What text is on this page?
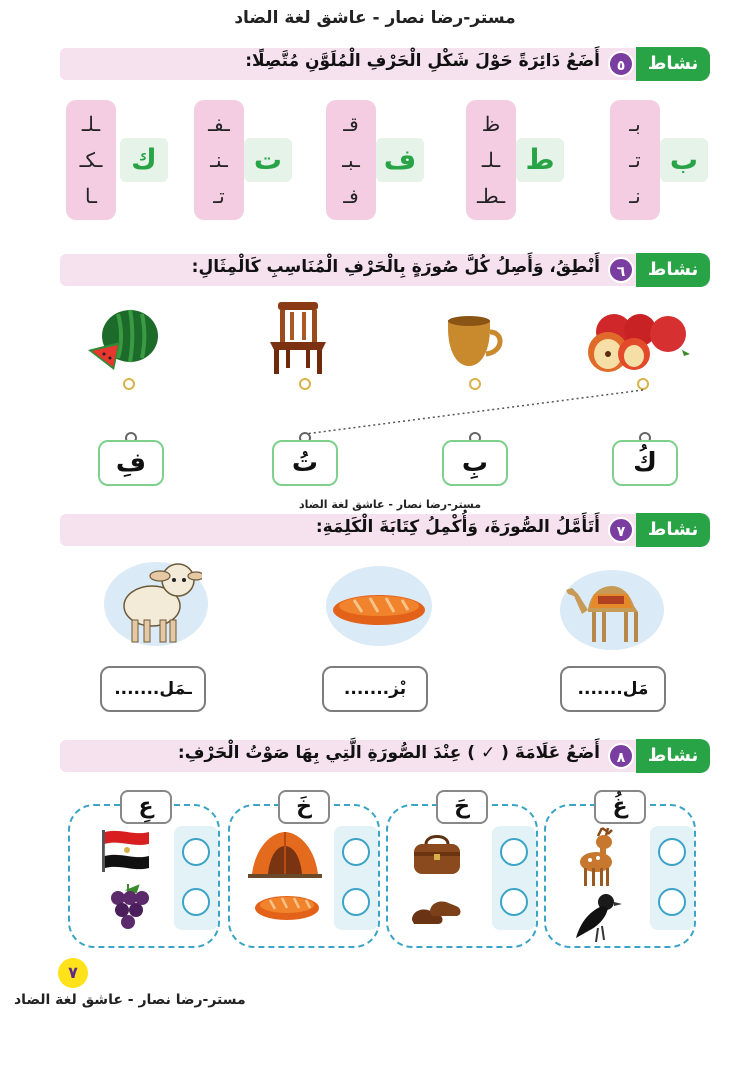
مستر-رضا نصار - عاشق لغة الضاد
نشاط
٥
أَضَعُ دَائِرَةً حَوْلَ شَكْلِ الْحَرْفِ الْمُلَوَّنِ مُتَّصِلًا:
ب
بـ
تـ
نـ
ط
ظ
ـلـ
ـطـ
ف
قـ
ـبـ
فـ
ت
ـفـ
ـنـ
تـ
ك
ـلـ
ـكـ
ـا
نشاط
٦
أَنْطِقُ، وَأَصِلُ كُلَّ صُورَةٍ بِالْحَرْفِ الْمُنَاسِبِ كَالْمِثَالِ:
كُ
بِ
تُ
فِ
مستر-رضا نصار - عاشق لغة الضاد
نشاط
٧
أَتَأَمَّلُ الصُّورَةَ، وَأُكْمِلُ كِتَابَةَ الْكَلِمَةِ:
.......مَل
.......بْز
.......ـمَل
نشاط
٨
أَضَعُ عَلَامَةَ ( ✓ ) عِنْدَ الصُّورَةِ الَّتِي بِهَا صَوْتُ الْحَرْفِ:
غُ
حَ
خَ
عِ
٧
مستر-رضا نصار - عاشق لغة الضاد
